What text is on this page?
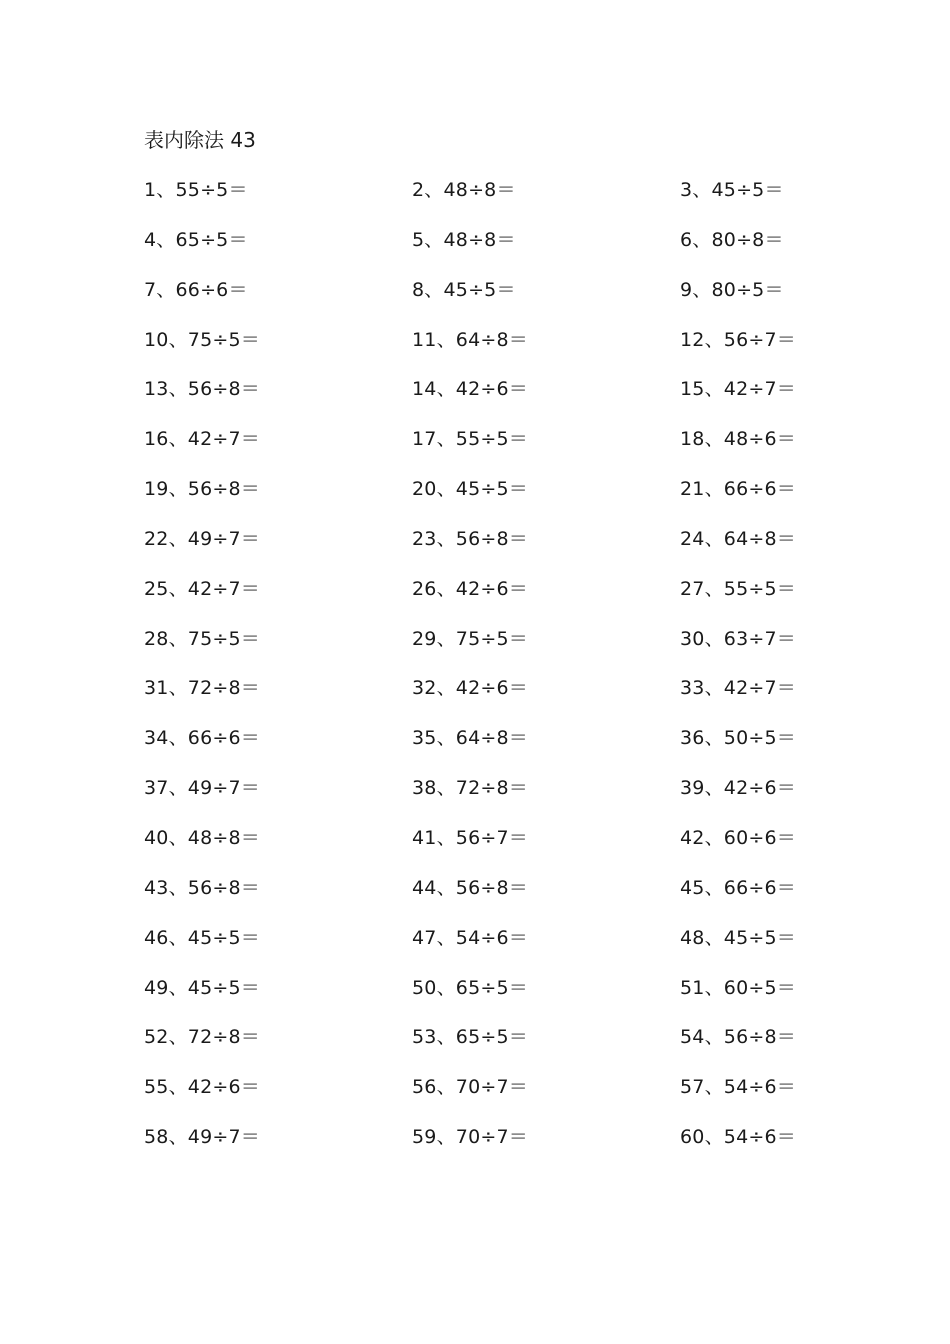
表内除法 43
1、55÷5＝	2、48÷8＝	3、45÷5＝
4、65÷5＝	5、48÷8＝	6、80÷8＝
7、66÷6＝	8、45÷5＝	9、80÷5＝
10、75÷5＝	11、64÷8＝	12、56÷7＝
13、56÷8＝	14、42÷6＝	15、42÷7＝
16、42÷7＝	17、55÷5＝	18、48÷6＝
19、56÷8＝	20、45÷5＝	21、66÷6＝
22、49÷7＝	23、56÷8＝	24、64÷8＝
25、42÷7＝	26、42÷6＝	27、55÷5＝
28、75÷5＝	29、75÷5＝	30、63÷7＝
31、72÷8＝	32、42÷6＝	33、42÷7＝
34、66÷6＝	35、64÷8＝	36、50÷5＝
37、49÷7＝	38、72÷8＝	39、42÷6＝
40、48÷8＝	41、56÷7＝	42、60÷6＝
43、56÷8＝	44、56÷8＝	45、66÷6＝
46、45÷5＝	47、54÷6＝	48、45÷5＝
49、45÷5＝	50、65÷5＝	51、60÷5＝
52、72÷8＝	53、65÷5＝	54、56÷8＝
55、42÷6＝	56、70÷7＝	57、54÷6＝
58、49÷7＝	59、70÷7＝	60、54÷6＝
